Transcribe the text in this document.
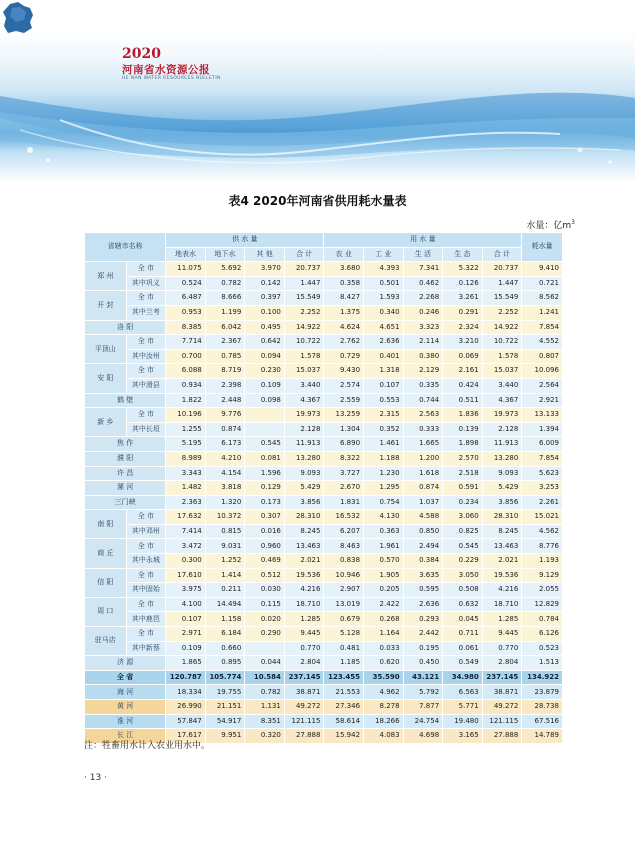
2020
河南省水资源公报
HE NAN WATER RESOURCES BULLETIN
表4 2020年河南省供用耗水量表
水量：亿$m^3$
省辖市名称		供 水 量				用 水 量					耗水量
		地表水	地下水	其 他	合 计	农 业	工 业	生 活	生 态	合 计	
郑 州	全 市	11.075	5.692	3.970	20.737	3.680	4.393	7.341	5.322	20.737	9.410
	其中巩义	0.524	0.782	0.142	1.447	0.358	0.501	0.462	0.126	1.447	0.721
开 封	全 市	6.487	8.666	0.397	15.549	8.427	1.593	2.268	3.261	15.549	8.562
	其中兰考	0.953	1.199	0.100	2.252	1.375	0.340	0.246	0.291	2.252	1.241
洛 阳		8.385	6.042	0.495	14.922	4.624	4.651	3.323	2.324	14.922	7.854
平顶山	全 市	7.714	2.367	0.642	10.722	2.762	2.636	2.114	3.210	10.722	4.552
	其中汝州	0.700	0.785	0.094	1.578	0.729	0.401	0.380	0.069	1.578	0.807
安 阳	全 市	6.088	8.719	0.230	15.037	9.430	1.318	2.129	2.161	15.037	10.096
	其中滑县	0.934	2.398	0.109	3.440	2.574	0.107	0.335	0.424	3.440	2.564
鹤 壁		1.822	2.448	0.098	4.367	2.559	0.553	0.744	0.511	4.367	2.921
新 乡	全 市	10.196	9.776		19.973	13.259	2.315	2.563	1.836	19.973	13.133
	其中长垣	1.255	0.874		2.128	1.304	0.352	0.333	0.139	2.128	1.394
焦 作		5.195	6.173	0.545	11.913	6.890	1.461	1.665	1.898	11.913	6.009
濮 阳		8.989	4.210	0.081	13.280	8.322	1.188	1.200	2.570	13.280	7.854
许 昌		3.343	4.154	1.596	9.093	3.727	1.230	1.618	2.518	9.093	5.623
漯 河		1.482	3.818	0.129	5.429	2.670	1.295	0.874	0.591	5.429	3.253
三门峡		2.363	1.320	0.173	3.856	1.831	0.754	1.037	0.234	3.856	2.261
南 阳	全 市	17.632	10.372	0.307	28.310	16.532	4.130	4.588	3.060	28.310	15.021
	其中邓州	7.414	0.815	0.016	8.245	6.207	0.363	0.850	0.825	8.245	4.562
商 丘	全 市	3.472	9.031	0.960	13.463	8.463	1.961	2.494	0.545	13.463	8.776
	其中永城	0.300	1.252	0.469	2.021	0.838	0.570	0.384	0.229	2.021	1.193
信 阳	全 市	17.610	1.414	0.512	19.536	10.946	1.905	3.635	3.050	19.536	9.129
	其中固始	3.975	0.211	0.030	4.216	2.907	0.205	0.595	0.508	4.216	2.055
周 口	全 市	4.100	14.494	0.115	18.710	13.019	2.422	2.636	0.632	18.710	12.829
	其中鹿邑	0.107	1.158	0.020	1.285	0.679	0.268	0.293	0.045	1.285	0.784
驻马店	全 市	2.971	6.184	0.290	9.445	5.128	1.164	2.442	0.711	9.445	6.126
	其中新蔡	0.109	0.660		0.770	0.481	0.033	0.195	0.061	0.770	0.523
济 源		1.865	0.895	0.044	2.804	1.185	0.620	0.450	0.549	2.804	1.513
全 省		120.787	105.774	10.584	237.145	123.455	35.590	43.121	34.980	237.145	134.922
海 河		18.334	19.755	0.782	38.871	21.553	4.962	5.792	6.563	38.871	23.879
黄 河		26.990	21.151	1.131	49.272	27.346	8.278	7.877	5.771	49.272	28.738
淮 河		57.847	54.917	8.351	121.115	58.614	18.266	24.754	19.480	121.115	67.516
长 江		17.617	9.951	0.320	27.888	15.942	4.083	4.698	3.165	27.888	14.789
注：牲畜用水计入农业用水中。
· 13 ·
